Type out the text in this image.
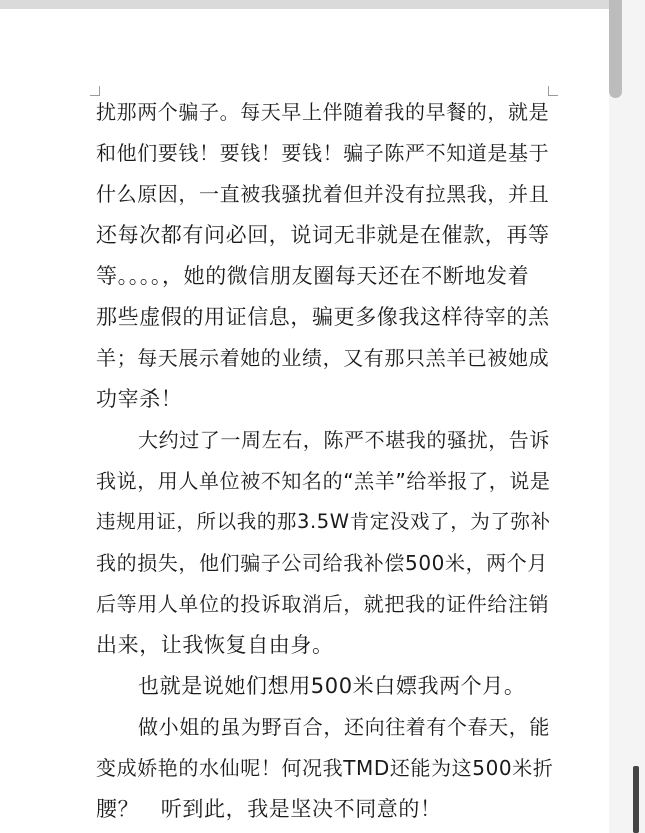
扰那两个骗子。每天早上伴随着我的早餐的，就是
和他们要钱！要钱！要钱！骗子陈严不知道是基于
什么原因，一直被我骚扰着但并没有拉黑我，并且
还每次都有问必回，说词无非就是在催款，再等
等。。。。，她的微信朋友圈每天还在不断地发着
那些虚假的用证信息，骗更多像我这样待宰的羔
羊；每天展示着她的业绩，又有那只羔羊已被她成
功宰杀！
大约过了一周左右，陈严不堪我的骚扰，告诉
我说，用人单位被不知名的“羔羊”给举报了，说是
违规用证，所以我的那3.5W肯定没戏了，为了弥补
我的损失，他们骗子公司给我补偿500米，两个月
后等用人单位的投诉取消后，就把我的证件给注销
出来，让我恢复自由身。
也就是说她们想用500米白嫖我两个月。
做小姐的虽为野百合，还向往着有个春天，能
变成娇艳的水仙呢！何况我TMD还能为这500米折
腰？　听到此，我是坚决不同意的！
